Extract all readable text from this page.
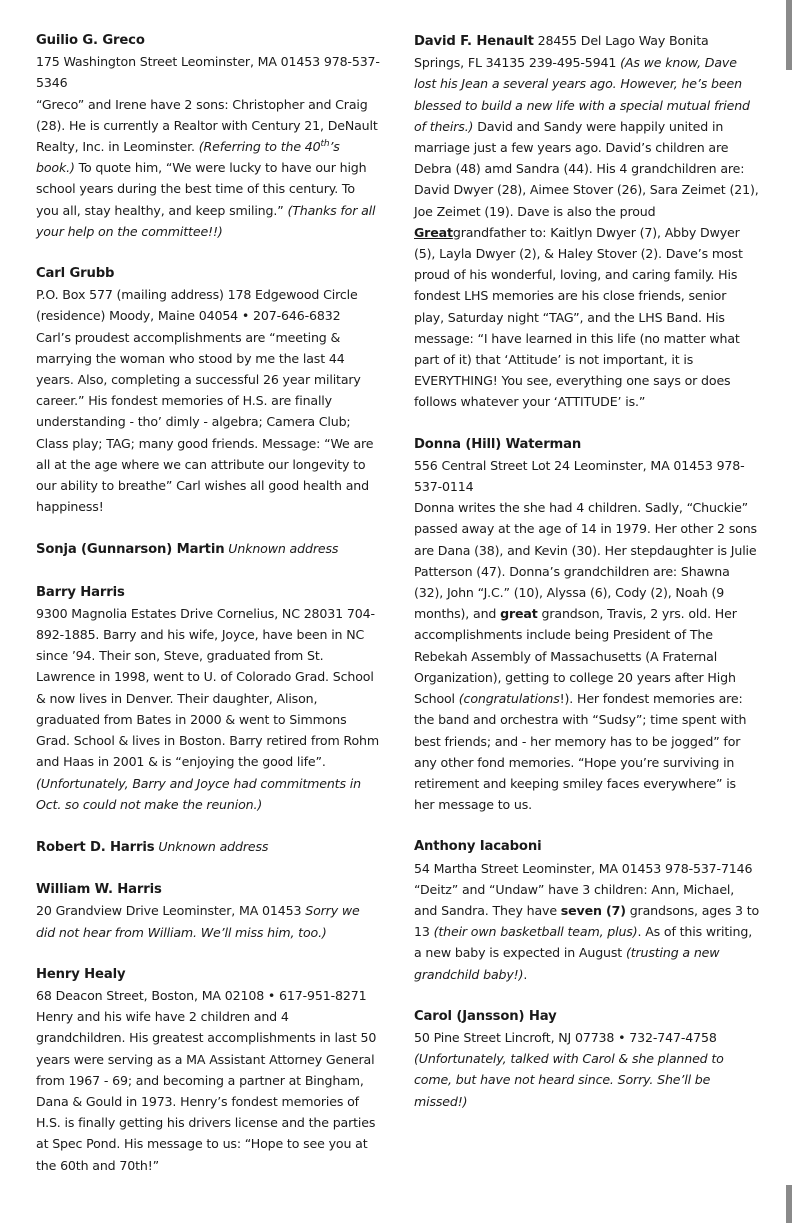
Guilio G. Greco
175 Washington Street Leominster, MA 01453 978-537-5346
“Greco” and Irene have 2 sons: Christopher and Craig (28). He is currently a Realtor with Century 21, DeNault Realty, Inc. in Leominster. (Referring to the 40th’s book.) To quote him, “We were lucky to have our high school years during the best time of this century. To you all, stay healthy, and keep smiling.” (Thanks for all your help on the committee!!)
Carl Grubb
P.O. Box 577 (mailing address) 178 Edgewood Circle (residence) Moody, Maine 04054 • 207-646-6832
Carl’s proudest accomplishments are “meeting & marrying the woman who stood by me the last 44 years. Also, completing a successful 26 year military career.” His fondest memories of H.S. are finally understanding - tho’ dimly - algebra; Camera Club; Class play; TAG; many good friends. Message: “We are all at the age where we can attribute our longevity to our ability to breathe” Carl wishes all good health and happiness!
Sonja (Gunnarson) Martin Unknown address
Barry Harris
9300 Magnolia Estates Drive Cornelius, NC 28031 704-892-1885. Barry and his wife, Joyce, have been in NC since ’94. Their son, Steve, graduated from St. Lawrence in 1998, went to U. of Colorado Grad. School & now lives in Denver. Their daughter, Alison, graduated from Bates in 2000 & went to Simmons Grad. School & lives in Boston. Barry retired from Rohm and Haas in 2001 & is “enjoying the good life”. (Unfortunately, Barry and Joyce had commitments in Oct. so could not make the reunion.)
Robert D. Harris Unknown address
William W. Harris
20 Grandview Drive Leominster, MA 01453 Sorry we did not hear from William. We’ll miss him, too.)
Henry Healy
68 Deacon Street, Boston, MA 02108 • 617-951-8271
Henry and his wife have 2 children and 4 grandchildren. His greatest accomplishments in last 50 years were serving as a MA Assistant Attorney General from 1967 - 69; and becoming a partner at Bingham, Dana & Gould in 1973. Henry’s fondest memories of H.S. is finally getting his drivers license and the parties at Spec Pond. His message to us: “Hope to see you at the 60th and 70th!”
David F. Henault 28455 Del Lago Way Bonita Springs, FL 34135 239-495-5941 (As we know, Dave lost his Jean a several years ago. However, he’s been blessed to build a new life with a special mutual friend of theirs.) David and Sandy were happily united in marriage just a few years ago. David’s children are Debra (48) amd Sandra (44). His 4 grandchildren are: David Dwyer (28), Aimee Stover (26), Sara Zeimet (21), Joe Zeimet (19). Dave is also the proud Greatgrandfather to: Kaitlyn Dwyer (7), Abby Dwyer (5), Layla Dwyer (2), & Haley Stover (2). Dave’s most proud of his wonderful, loving, and caring family. His fondest LHS memories are his close friends, senior play, Saturday night “TAG”, and the LHS Band. His message: “I have learned in this life (no matter what part of it) that ‘Attitude’ is not important, it is EVERYTHING! You see, everything one says or does follows whatever your ‘ATTITUDE’ is.”
Donna (Hill) Waterman
556 Central Street Lot 24 Leominster, MA 01453 978-537-0114
Donna writes the she had 4 children. Sadly, “Chuckie” passed away at the age of 14 in 1979. Her other 2 sons are Dana (38), and Kevin (30). Her stepdaughter is Julie Patterson (47). Donna’s grandchildren are: Shawna (32), John “J.C.” (10), Alyssa (6), Cody (2), Noah (9 months), and great grandson, Travis, 2 yrs. old. Her accomplishments include being President of The Rebekah Assembly of Massachusetts (A Fraternal Organization), getting to college 20 years after High School (congratulations!). Her fondest memories are: the band and orchestra with “Sudsy”; time spent with best friends; and - her memory has to be jogged” for any other fond memories. “Hope you’re surviving in retirement and keeping smiley faces everywhere” is her message to us.
Anthony Iacaboni
54 Martha Street Leominster, MA 01453 978-537-7146
“Deitz” and “Undaw” have 3 children: Ann, Michael, and Sandra. They have seven (7) grandsons, ages 3 to 13 (their own basketball team, plus). As of this writing, a new baby is expected in August (trusting a new grandchild baby!).
Carol (Jansson) Hay
50 Pine Street Lincroft, NJ 07738 • 732-747-4758
(Unfortunately, talked with Carol & she planned to come, but have not heard since. Sorry. She’ll be missed!)
